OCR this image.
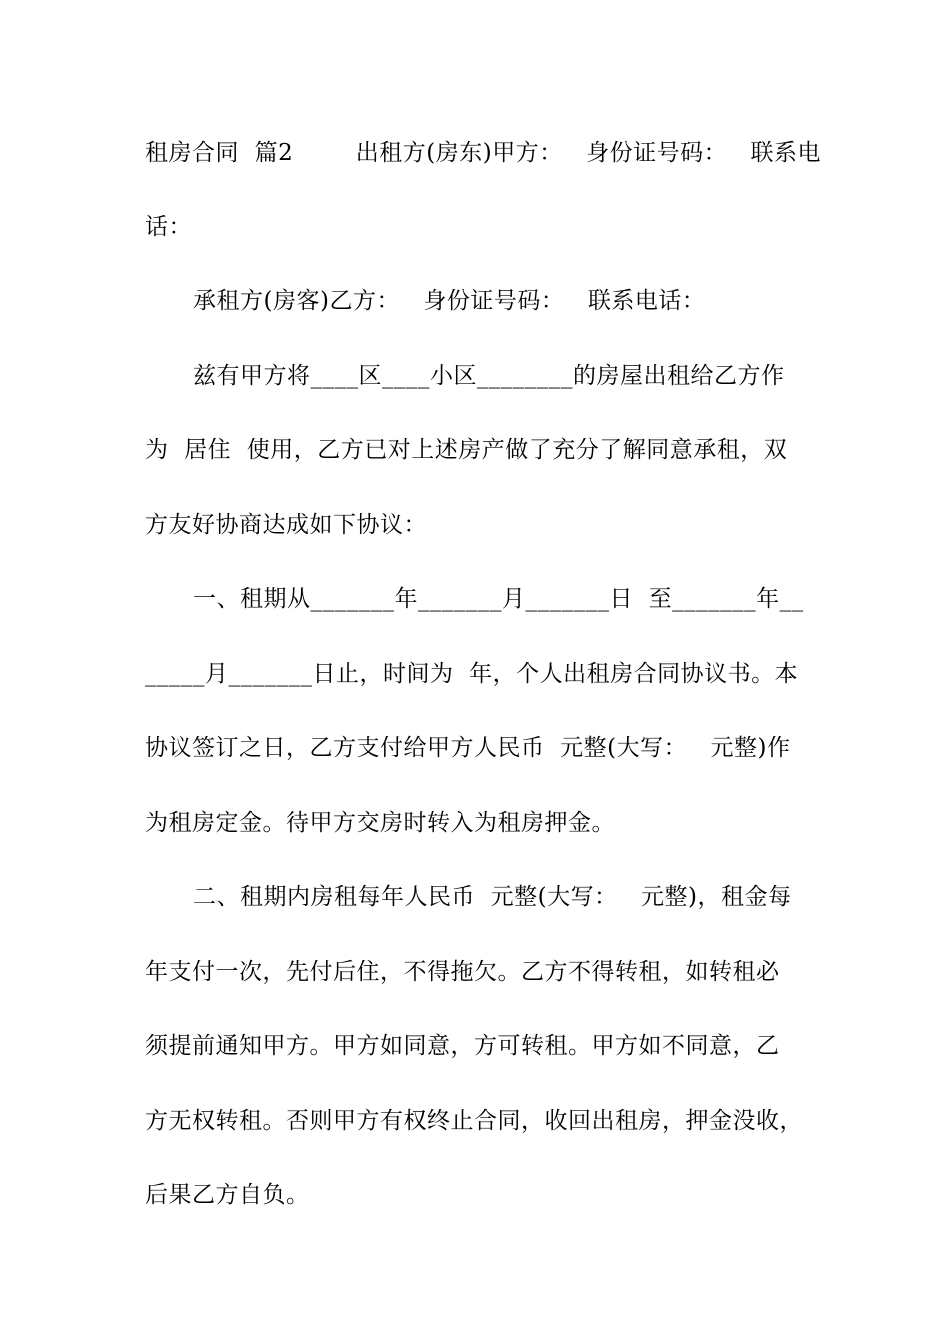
租房合同  篇2        出租方(房东)甲方：   身份证号码：   联系电
话：
承租方(房客)乙方：   身份证号码：   联系电话：
兹有甲方将____区____小区________的房屋出租给乙方作
为  居住  使用，乙方已对上述房产做了充分了解同意承租，双
方友好协商达成如下协议：
一、租期从_______年_______月_______日  至_______年__
_____月_______日止，时间为  年，个人出租房合同协议书。本
协议签订之日，乙方支付给甲方人民币  元整(大写：   元整)作
为租房定金。待甲方交房时转入为租房押金。
二、租期内房租每年人民币  元整(大写：   元整)，租金每
年支付一次，先付后住，不得拖欠。乙方不得转租，如转租必
须提前通知甲方。甲方如同意，方可转租。甲方如不同意，乙
方无权转租。否则甲方有权终止合同，收回出租房，押金没收，
后果乙方自负。
